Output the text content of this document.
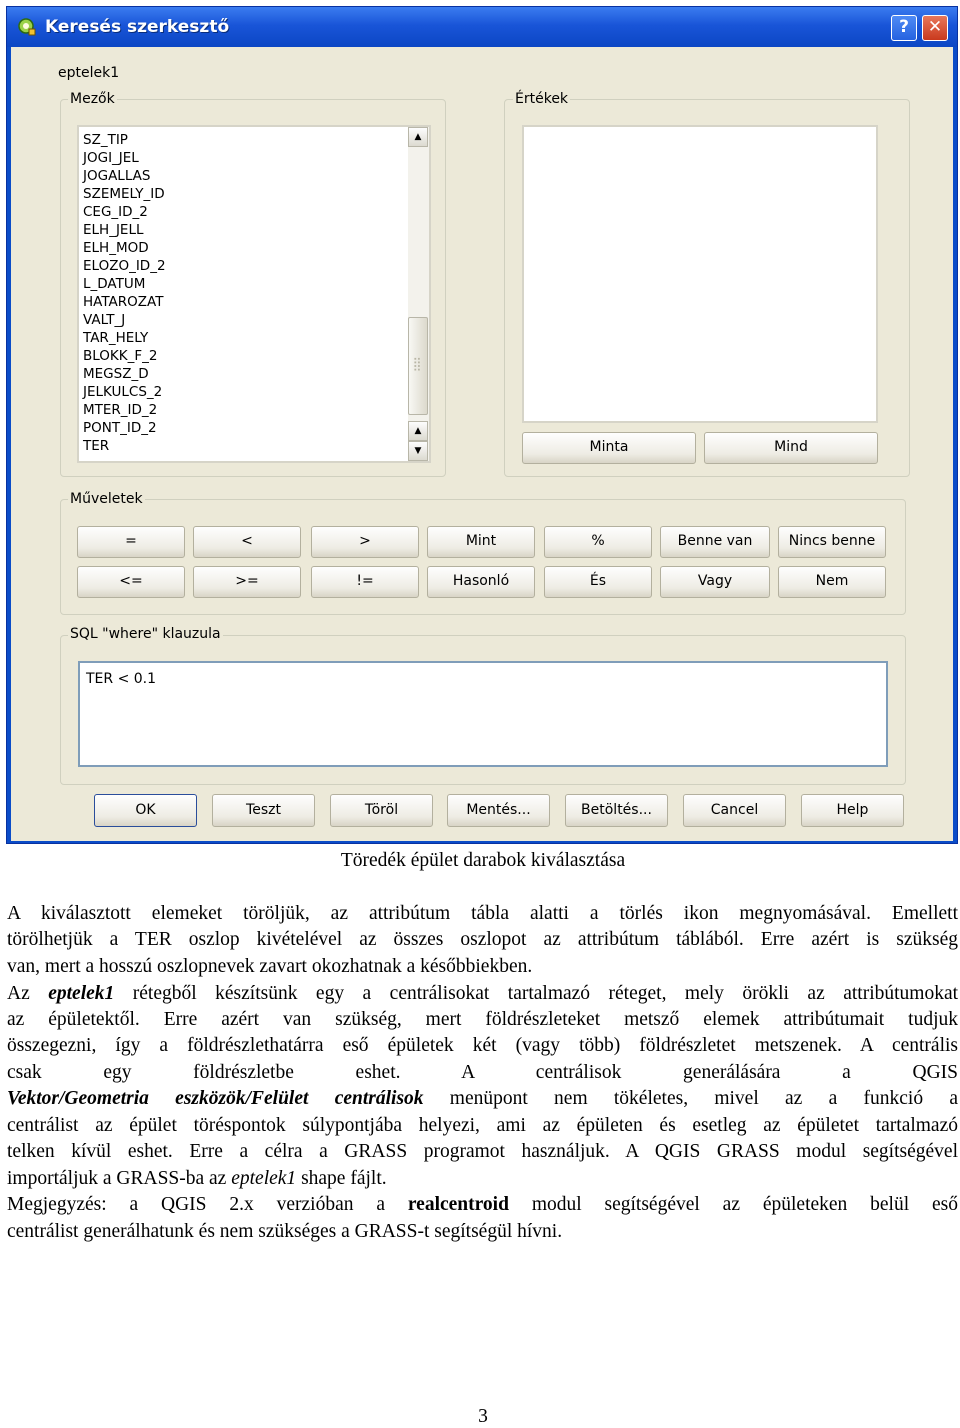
Keresés szerkesztő	?	✕
eptelek1
Mezők
SZ_TIP
JOGI_JEL
JOGALLAS
SZEMELY_ID
CEG_ID_2
ELH_JELL
ELH_MOD
ELOZO_ID_2
L_DATUM
HATAROZAT
VALT_J
TAR_HELY
BLOKK_F_2
MEGSZ_D
JELKULCS_2
MTER_ID_2
PONT_ID_2
TER
▲
▲
▼
Értékek
Minta	Mind
Műveletek
SQL "where" klauzula
TER < 0.1
=	<	>	Mint	%	Benne van	Nincs benne
<=	>=	!=	Hasonló	És	Vagy	Nem
OK	Teszt	Töröl	Mentés...	Betöltés...	Cancel	Help
Töredék épület darabok kiválasztása
A kiválasztott elemeket töröljük, az attribútum tábla alatti a törlés ikon megnyomásával. Emellett
törölhetjük a TER oszlop kivételével az összes oszlopot az attribútum táblából. Erre azért is szükség
van, mert a hosszú oszlopnevek zavart okozhatnak a későbbiekben.
Az eptelek1 rétegből készítsünk egy a centrálisokat tartalmazó réteget, mely örökli az attribútumokat
az épületektől. Erre azért van szükség, mert földrészleteket metsző elemek attribútumait tudjuk
összegezni, így a földrészlethatárra eső épületek két (vagy több) földrészletet metszenek. A centrális
csak egy földrészletbe eshet. A centrálisok generálására a QGIS
Vektor/Geometria eszközök/Felület centrálisok menüpont nem tökéletes, mivel az a funkció a
centrálist az épület töréspontok súlypontjába helyezi, ami az épületen és esetleg az épületet tartalmazó
telken kívül eshet. Erre a célra a GRASS programot használjuk. A QGIS GRASS modul segítségével
importáljuk a GRASS-ba az eptelek1 shape fájlt.
Megjegyzés: a QGIS 2.x verzióban a realcentroid modul segítségével az épületeken belül eső
centrálist generálhatunk és nem szükséges a GRASS-t segítségül hívni.
3
